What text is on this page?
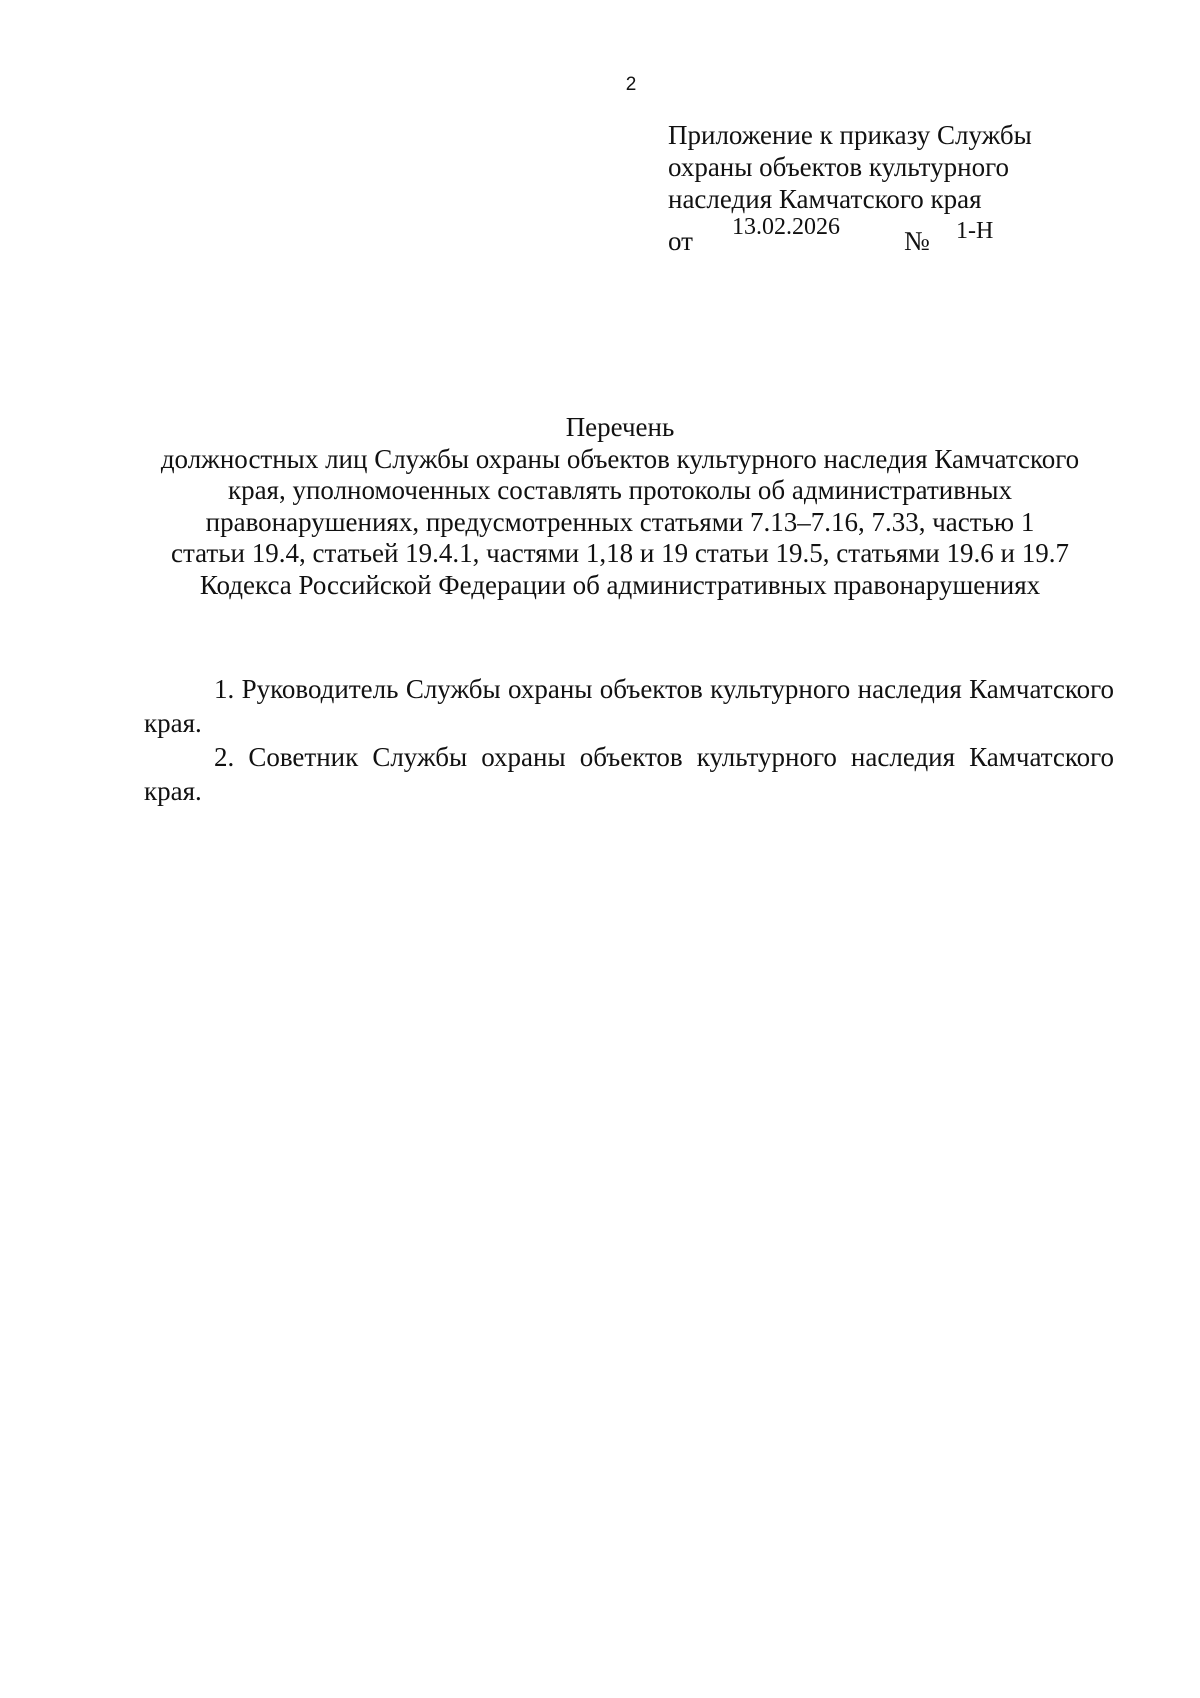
2
Приложение к приказу Службы
охраны объектов культурного
наследия Камчатского края
от 13.02.2026 № 1-Н
Перечень
должностных лиц Службы охраны объектов культурного наследия Камчатского
края, уполномоченных составлять протоколы об административных
правонарушениях, предусмотренных статьями 7.13–7.16, 7.33, частью 1
статьи 19.4, статьей 19.4.1, частями 1,18 и 19 статьи 19.5, статьями 19.6 и 19.7
Кодекса Российской Федерации об административных правонарушениях

1. Руководитель Службы охраны объектов культурного наследия Камчатского края.

2. Советник Службы охраны объектов культурного наследия Камчатского края.
